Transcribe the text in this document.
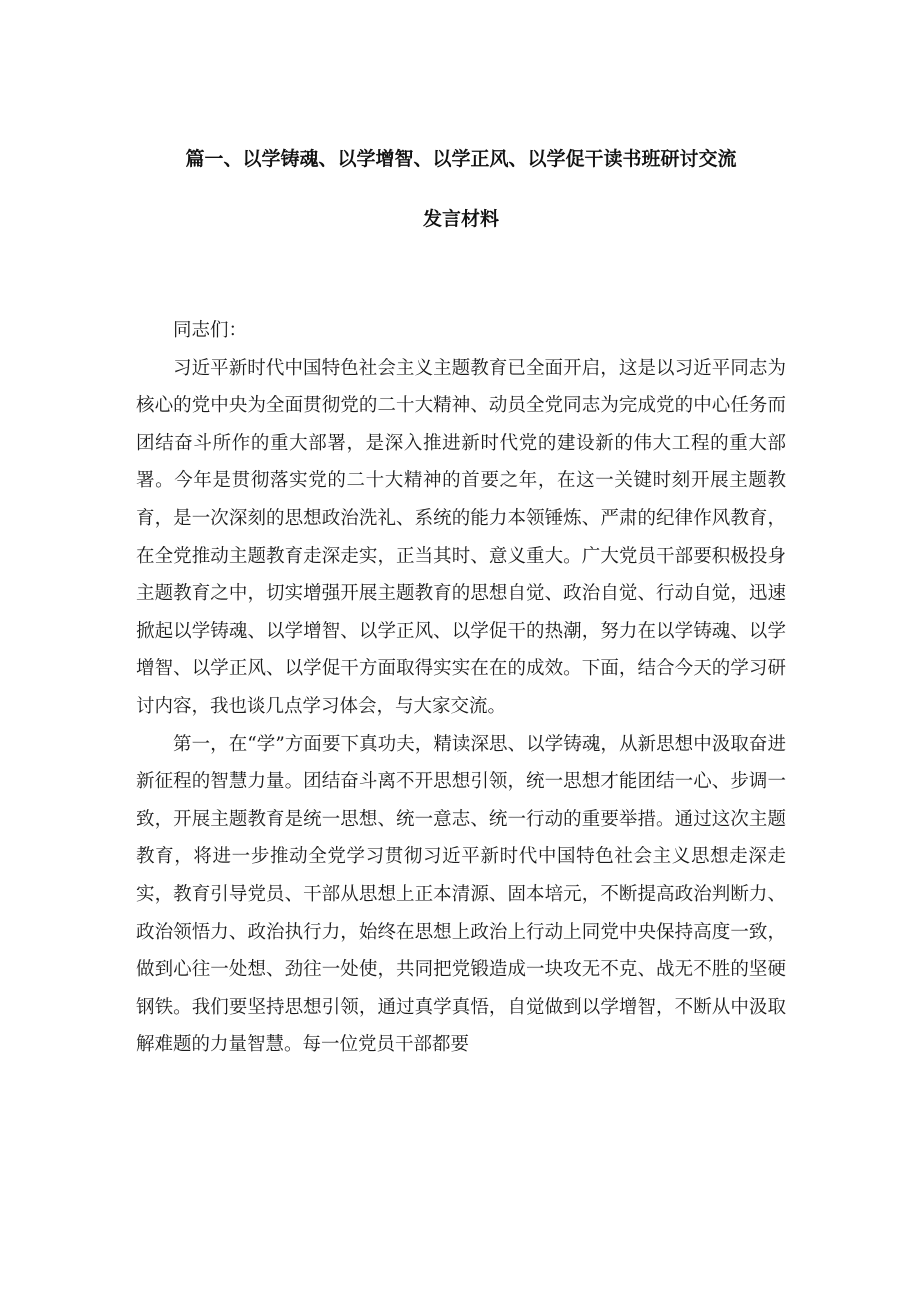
篇一、以学铸魂、以学增智、以学正风、以学促干读书班研讨交流
发言材料

同志们：

习近平新时代中国特色社会主义主题教育已全面开启，这是以习近平同志为核心的党中央为全面贯彻党的二十大精神、动员全党同志为完成党的中心任务而团结奋斗所作的重大部署，是深入推进新时代党的建设新的伟大工程的重大部署。今年是贯彻落实党的二十大精神的首要之年，在这一关键时刻开展主题教育，是一次深刻的思想政治洗礼、系统的能力本领锤炼、严肃的纪律作风教育，在全党推动主题教育走深走实，正当其时、意义重大。广大党员干部要积极投身主题教育之中，切实增强开展主题教育的思想自觉、政治自觉、行动自觉，迅速掀起以学铸魂、以学增智、以学正风、以学促干的热潮，努力在以学铸魂、以学增智、以学正风、以学促干方面取得实实在在的成效。下面，结合今天的学习研讨内容，我也谈几点学习体会，与大家交流。

第一，在“学”方面要下真功夫，精读深思、以学铸魂，从新思想中汲取奋进新征程的智慧力量。团结奋斗离不开思想引领，统一思想才能团结一心、步调一致，开展主题教育是统一思想、统一意志、统一行动的重要举措。通过这次主题教育，将进一步推动全党学习贯彻习近平新时代中国特色社会主义思想走深走实，教育引导党员、干部从思想上正本清源、固本培元，不断提高政治判断力、政治领悟力、政治执行力，始终在思想上政治上行动上同党中央保持高度一致，做到心往一处想、劲往一处使，共同把党锻造成一块攻无不克、战无不胜的坚硬钢铁。我们要坚持思想引领，通过真学真悟，自觉做到以学增智，不断从中汲取解难题的力量智慧。每一位党员干部都要
